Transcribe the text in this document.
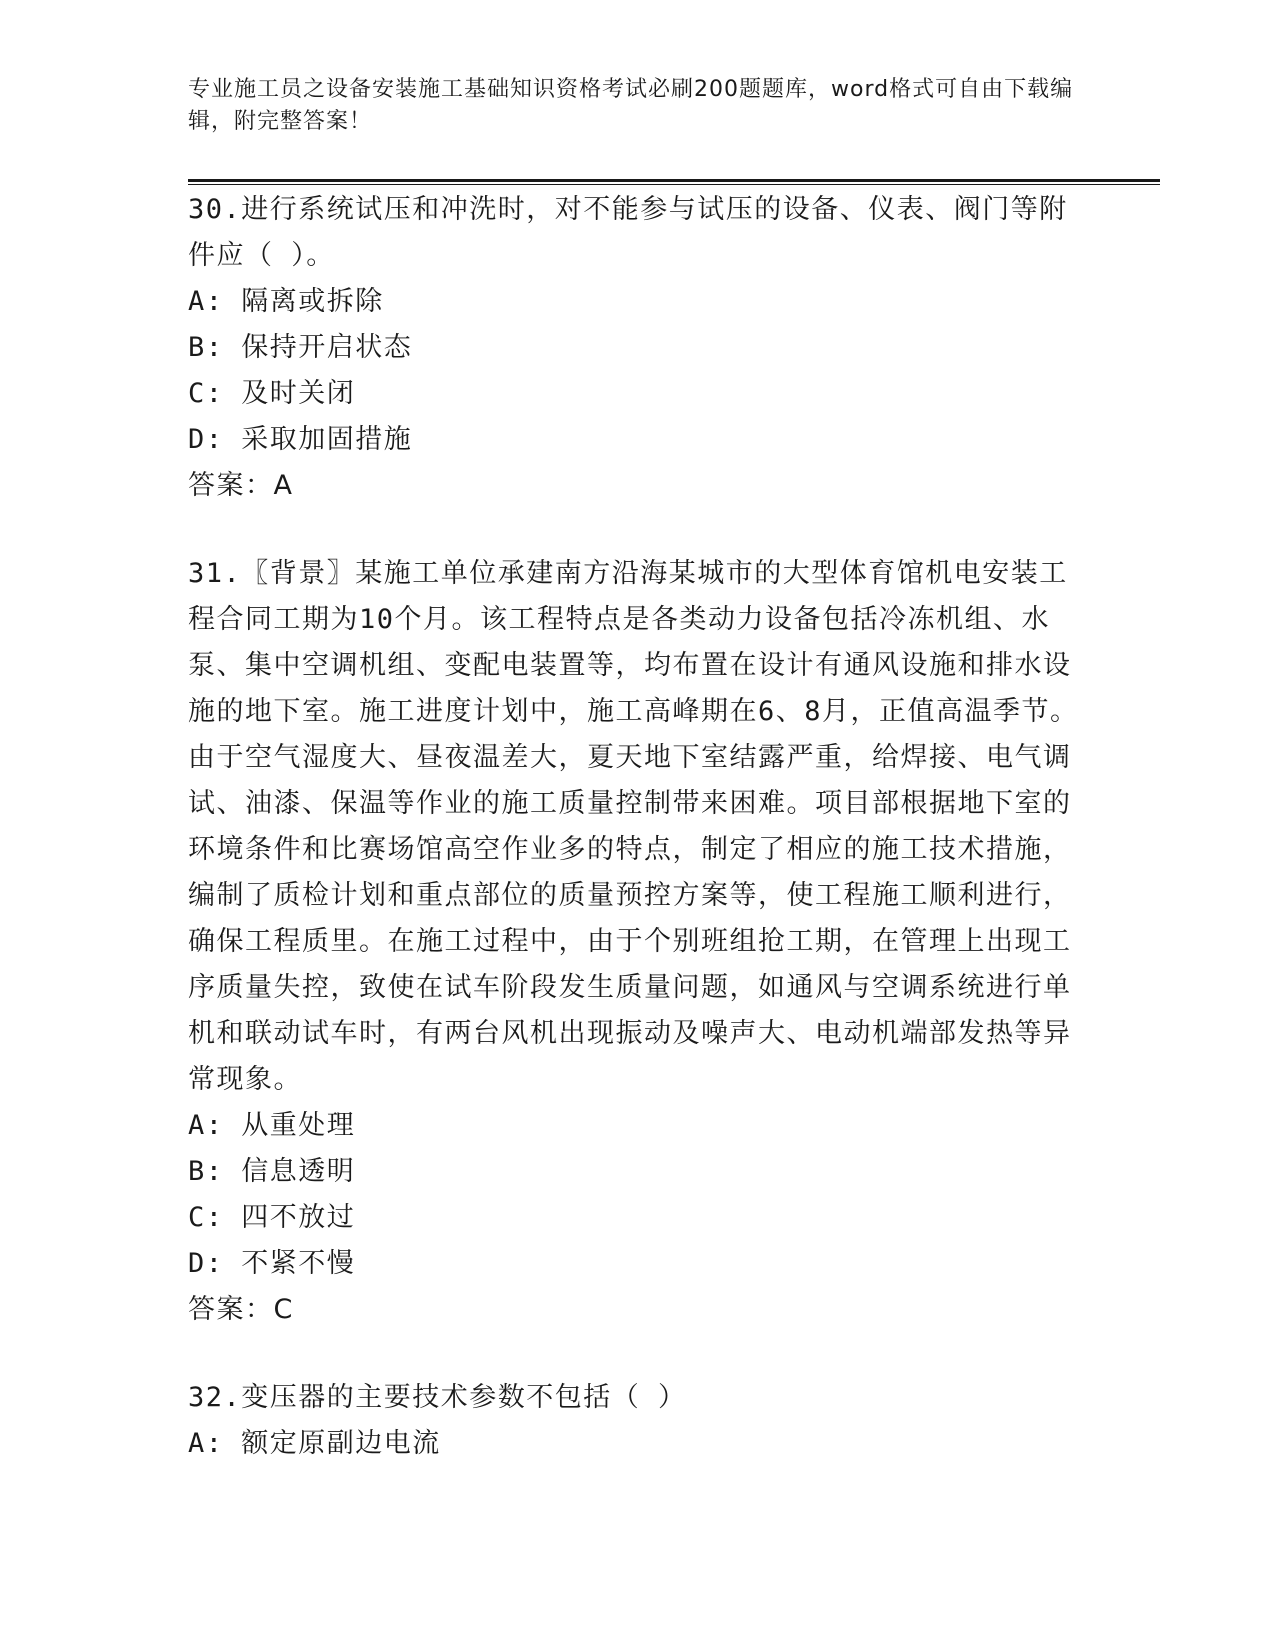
专业施工员之设备安装施工基础知识资格考试必刷200题题库，word格式可自由下载编辑，附完整答案！

30.进行系统试压和冲洗时，对不能参与试压的设备、仪表、阀门等附件应（ ）。

A: 隔离或拆除

B: 保持开启状态

C: 及时关闭

D: 采取加固措施

答案：A

31.〖背景〗某施工单位承建南方沿海某城市的大型体育馆机电安装工程合同工期为10个月。该工程特点是各类动力设备包括冷冻机组、水泵、集中空调机组、变配电装置等，均布置在设计有通风设施和排水设施的地下室。施工进度计划中，施工高峰期在6、8月，正值高温季节。由于空气湿度大、昼夜温差大，夏天地下室结露严重，给焊接、电气调试、油漆、保温等作业的施工质量控制带来困难。项目部根据地下室的环境条件和比赛场馆高空作业多的特点，制定了相应的施工技术措施，编制了质检计划和重点部位的质量预控方案等，使工程施工顺利进行，确保工程质里。在施工过程中，由于个别班组抢工期，在管理上出现工序质量失控，致使在试车阶段发生质量问题，如通风与空调系统进行单机和联动试车时，有两台风机出现振动及噪声大、电动机端部发热等异常现象。

A: 从重处理

B: 信息透明

C: 四不放过

D: 不紧不慢

答案：C

32.变压器的主要技术参数不包括（ ）

A: 额定原副边电流
